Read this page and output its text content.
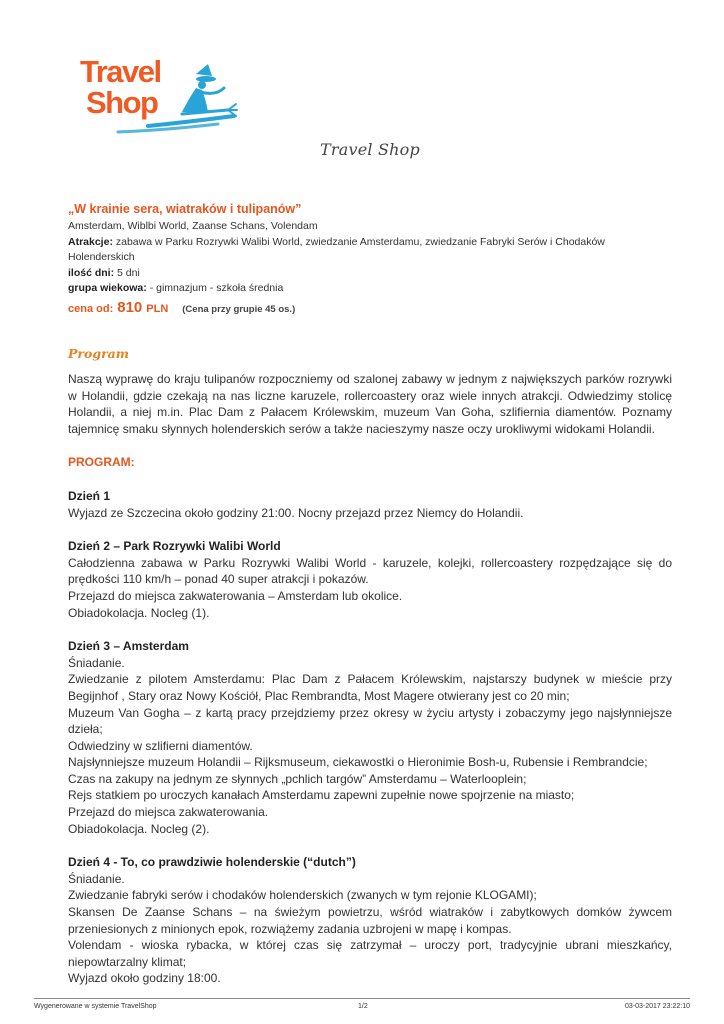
Travel
Shop
Travel Shop
„W krainie sera, wiatraków i tulipanów”
Amsterdam, Wiblbi World, Zaanse Schans, Volendam
Atrakcje: zabawa w Parku Rozrywki Walibi World, zwiedzanie Amsterdamu, zwiedzanie Fabryki Serów i Chodaków Holenderskich
ilość dni: 5 dni
grupa wiekowa: - gimnazjum - szkoła średnia
cena od: 810 PLN (Cena przy grupie 45 os.)
Program

Naszą wyprawę do kraju tulipanów rozpoczniemy od szalonej zabawy w jednym z największych parków rozrywki w Holandii, gdzie czekają na nas liczne karuzele, rollercoastery oraz wiele innych atrakcji. Odwiedzimy stolicę Holandii, a niej m.in. Plac Dam z Pałacem Królewskim, muzeum Van Goha, szlifiernia diamentów. Poznamy tajemnicę smaku słynnych holenderskich serów a także nacieszymy nasze oczy urokliwymi widokami Holandii.

PROGRAM:
Dzień 1

Wyjazd ze Szczecina około godziny 21:00. Nocny przejazd przez Niemcy do Holandii.

Dzień 2 – Park Rozrywki Walibi World

Całodzienna zabawa w Parku Rozrywki Walibi World - karuzele, kolejki, rollercoastery rozpędzające się do prędkości 110 km/h – ponad 40 super atrakcji i pokazów.

Przejazd do miejsca zakwaterowania – Amsterdam lub okolice.

Obiadokolacja. Nocleg (1).

Dzień 3 – Amsterdam

Śniadanie.

Zwiedzanie z pilotem Amsterdamu: Plac Dam z Pałacem Królewskim, najstarszy budynek w mieście przy Begijnhof , Stary oraz Nowy Kościół, Plac Rembrandta, Most Magere otwierany jest co 20 min;

Muzeum Van Gogha – z kartą pracy przejdziemy przez okresy w życiu artysty i zobaczymy jego najsłynniejsze dzieła;

Odwiedziny w szlifierni diamentów.

Najsłynniejsze muzeum Holandii – Rijksmuseum, ciekawostki o Hieronimie Bosh-u, Rubensie i Rembrandcie;

Czas na zakupy na jednym ze słynnych „pchlich targów” Amsterdamu – Waterlooplein;

Rejs statkiem po uroczych kanałach Amsterdamu zapewni zupełnie nowe spojrzenie na miasto;

Przejazd do miejsca zakwaterowania.

Obiadokolacja. Nocleg (2).

Dzień 4 - To, co prawdziwie holenderskie (“dutch”)

Śniadanie.

Zwiedzanie fabryki serów i chodaków holenderskich (zwanych w tym rejonie KLOGAMI);

Skansen De Zaanse Schans – na świeżym powietrzu, wśród wiatraków i zabytkowych domków żywcem przeniesionych z minionych epok, rozwiążemy zadania uzbrojeni w mapę i kompas.

Volendam - wioska rybacka, w której czas się zatrzymał – uroczy port, tradycyjnie ubrani mieszkańcy, niepowtarzalny klimat;

Wyjazd około godziny 18:00.

Wygenerowane w systemie TravelShop	1/2	03-03-2017 23:22:10
